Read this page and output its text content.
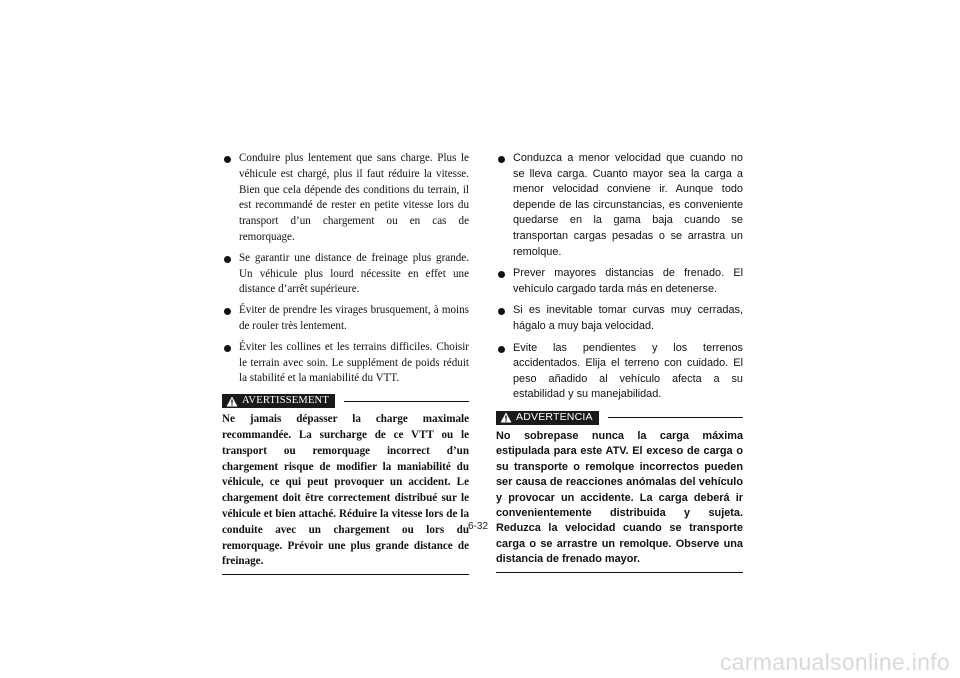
Conduire plus lentement que sans charge. Plus le véhicule est chargé, plus il faut réduire la vitesse. Bien que cela dépende des conditions du terrain, il est recommandé de rester en petite vitesse lors du transport d’un chargement ou en cas de remorquage.
Se garantir une distance de freinage plus grande. Un véhicule plus lourd nécessite en effet une distance d’arrêt supérieure.
Éviter de prendre les virages brusquement, à moins de rouler très lentement.
Éviter les collines et les terrains difficiles. Choisir le terrain avec soin. Le supplément de poids réduit la stabilité et la maniabilité du VTT.
AVERTISSEMENT

Ne jamais dépasser la charge maximale recommandée. La surcharge de ce VTT ou le transport ou remorquage incorrect d’un chargement risque de modifier la maniabilité du véhicule, ce qui peut provoquer un accident. Le chargement doit être correctement distribué sur le véhicule et bien attaché. Réduire la vitesse lors de la conduite avec un chargement ou lors du remorquage. Prévoir une plus grande distance de freinage.

Conduzca a menor velocidad que cuando no se lleva carga. Cuanto mayor sea la carga a menor velocidad conviene ir. Aunque todo depende de las circunstancias, es conveniente quedarse en la gama baja cuando se transportan cargas pesadas o se arrastra un remolque.
Prever mayores distancias de frenado. El vehículo cargado tarda más en detenerse.
Si es inevitable tomar curvas muy cerradas, hágalo a muy baja velocidad.
Evite las pendientes y los terrenos accidentados. Elija el terreno con cuidado. El peso añadido al vehículo afecta a su estabilidad y su manejabilidad.
ADVERTENCIA

No sobrepase nunca la carga máxima estipulada para este ATV. El exceso de carga o su transporte o remolque incorrectos pueden ser causa de reacciones anómalas del vehículo y provocar un accidente. La carga deberá ir convenientemente distribuida y sujeta. Reduzca la velocidad cuando se transporte carga o se arrastre un remolque. Observe una distancia de frenado mayor.

6-32
carmanualsonline.info
